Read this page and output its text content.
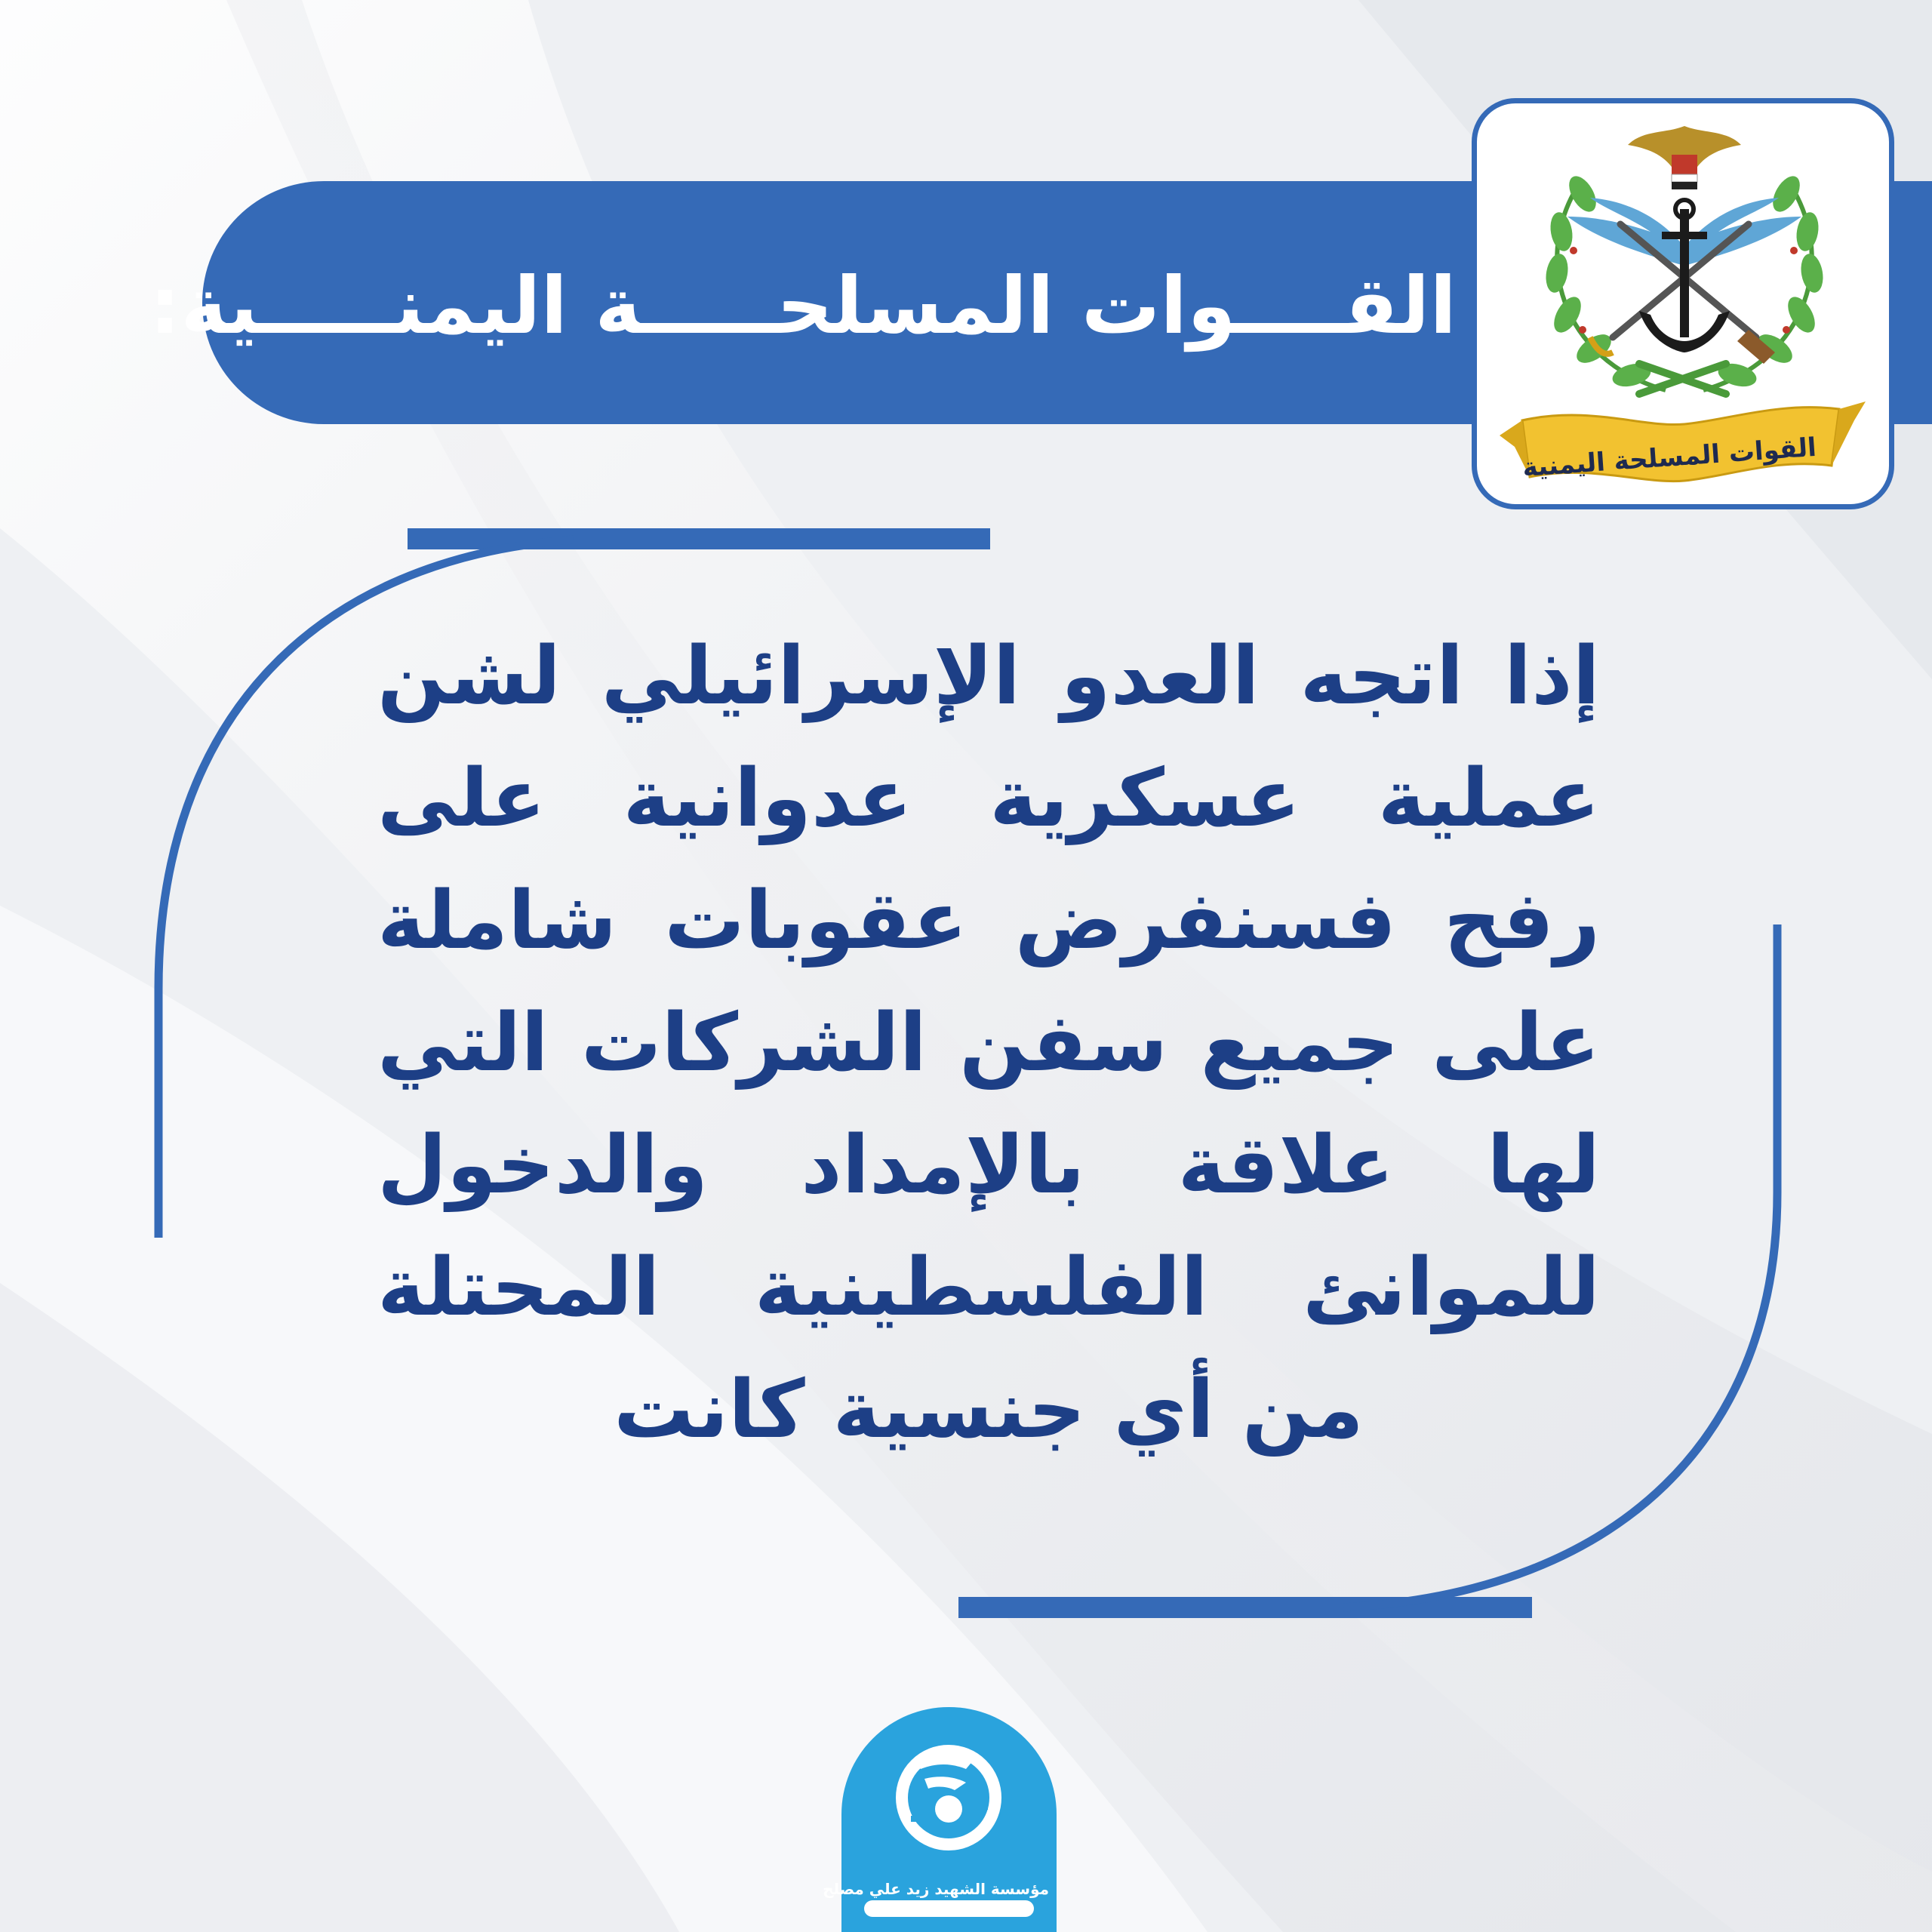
القــــوات المسلحـــــة اليمنـــــية:
القوات المسلحة اليمنية
إذا اتجه العدو الإسرائيلي لشن عملية عسكرية عدوانية على رفح فسنفرض عقوبات شاملة على جميع سفن الشركات التي لها علاقة بالإمداد والدخول للموانئ الفلسطينية المحتلة من أي جنسية كانت
مؤسسة الشهيد زيد علي مصلح
